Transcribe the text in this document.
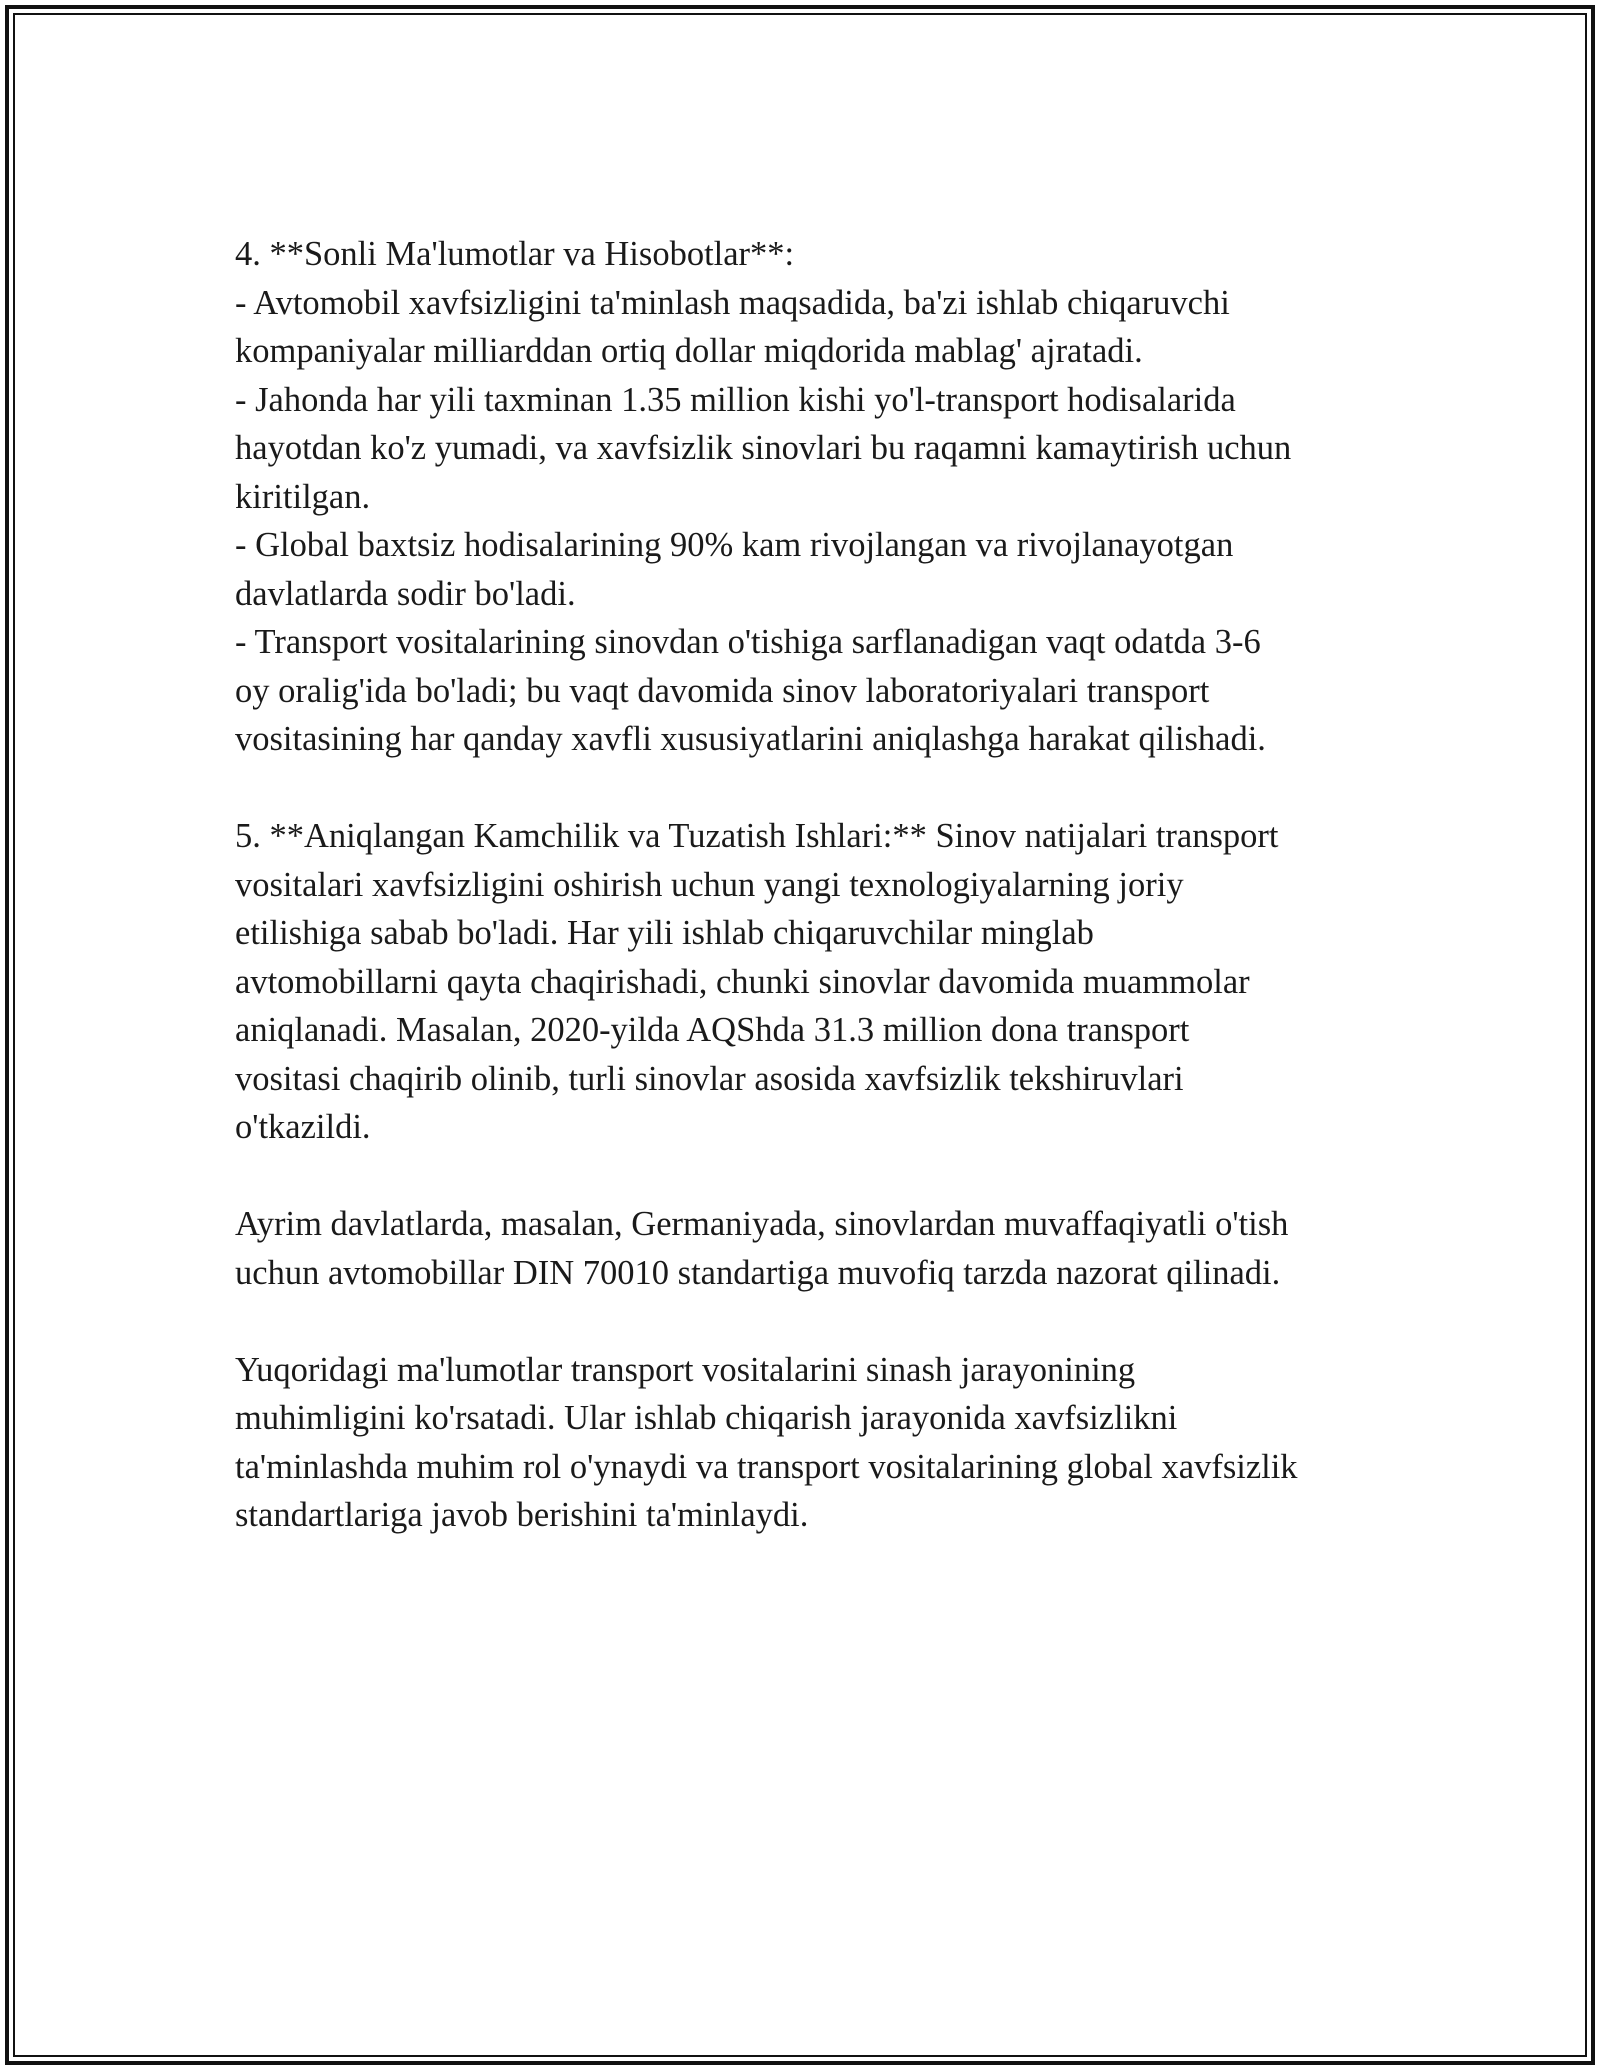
4. **Sonli Ma'lumotlar va Hisobotlar**:

- Avtomobil xavfsizligini ta'minlash maqsadida, ba'zi ishlab chiqaruvchi
kompaniyalar milliarddan ortiq dollar miqdorida mablag' ajratadi.

- Jahonda har yili taxminan 1.35 million kishi yo'l-transport hodisalarida
hayotdan ko'z yumadi, va xavfsizlik sinovlari bu raqamni kamaytirish uchun
kiritilgan.

- Global baxtsiz hodisalarining 90% kam rivojlangan va rivojlanayotgan
davlatlarda sodir bo'ladi.

- Transport vositalarining sinovdan o'tishiga sarflanadigan vaqt odatda 3-6
oy oralig'ida bo'ladi; bu vaqt davomida sinov laboratoriyalari transport
vositasining har qanday xavfli xususiyatlarini aniqlashga harakat qilishadi.

5. **Aniqlangan Kamchilik va Tuzatish Ishlari:** Sinov natijalari transport
vositalari xavfsizligini oshirish uchun yangi texnologiyalarning joriy
etilishiga sabab bo'ladi. Har yili ishlab chiqaruvchilar minglab
avtomobillarni qayta chaqirishadi, chunki sinovlar davomida muammolar
aniqlanadi. Masalan, 2020-yilda AQShda 31.3 million dona transport
vositasi chaqirib olinib, turli sinovlar asosida xavfsizlik tekshiruvlari
o'tkazildi.

Ayrim davlatlarda, masalan, Germaniyada, sinovlardan muvaffaqiyatli o'tish
uchun avtomobillar DIN 70010 standartiga muvofiq tarzda nazorat qilinadi.

Yuqoridagi ma'lumotlar transport vositalarini sinash jarayonining
muhimligini ko'rsatadi. Ular ishlab chiqarish jarayonida xavfsizlikni
ta'minlashda muhim rol o'ynaydi va transport vositalarining global xavfsizlik
standartlariga javob berishini ta'minlaydi.
